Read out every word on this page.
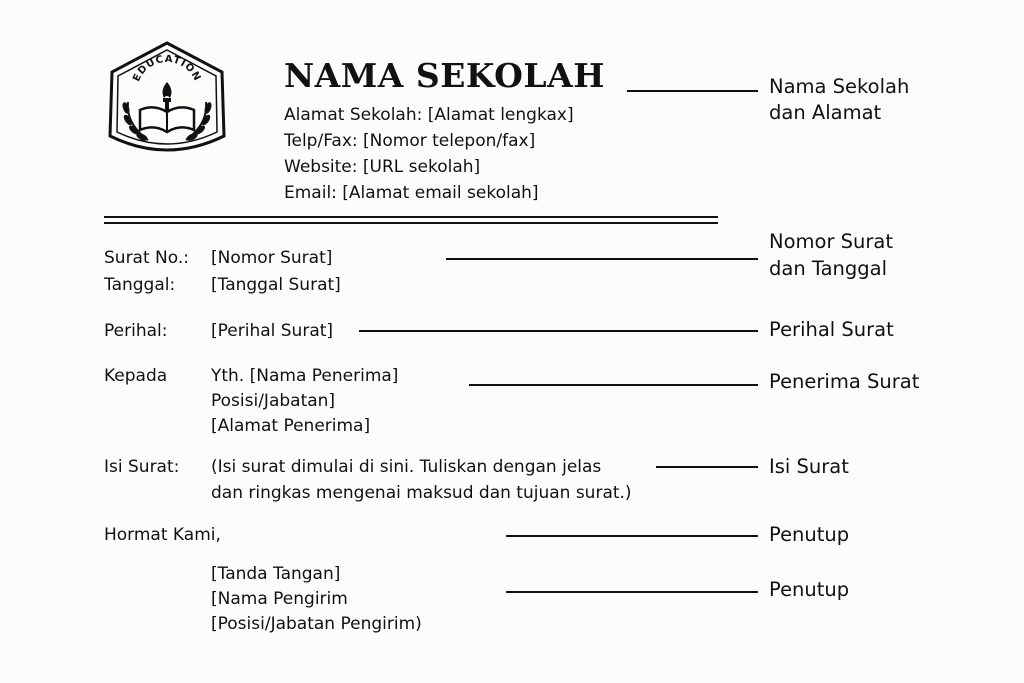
EDUCATION NAMA SEKOLAH
Alamat Sekolah: [Alamat lengkax]
Telp/Fax: [Nomor telepon/fax]
Website: [URL sekolah]
Email: [Alamat email sekolah]
Surat No.: [Nomor Surat]
Tanggal: [Tanggal Surat]
Perihal:	[Perihal Surat]
Kepada	Yth. [Nama Penerima]
Posisi/Jabatan]
[Alamat Penerima]
Isi Surat: (Isi surat dimulai di sini. Tuliskan dengan jelas
dan ringkas mengenai maksud dan tujuan surat.)
Hormat Kami,
[Tanda Tangan]
[Nama Pengirim
[Posisi/Jabatan Pengirim)
Nama Sekolah
dan Alamat
Nomor Surat
dan Tanggal
Perihal Surat
Penerima Surat
Isi Surat
Penutup
Penutup
